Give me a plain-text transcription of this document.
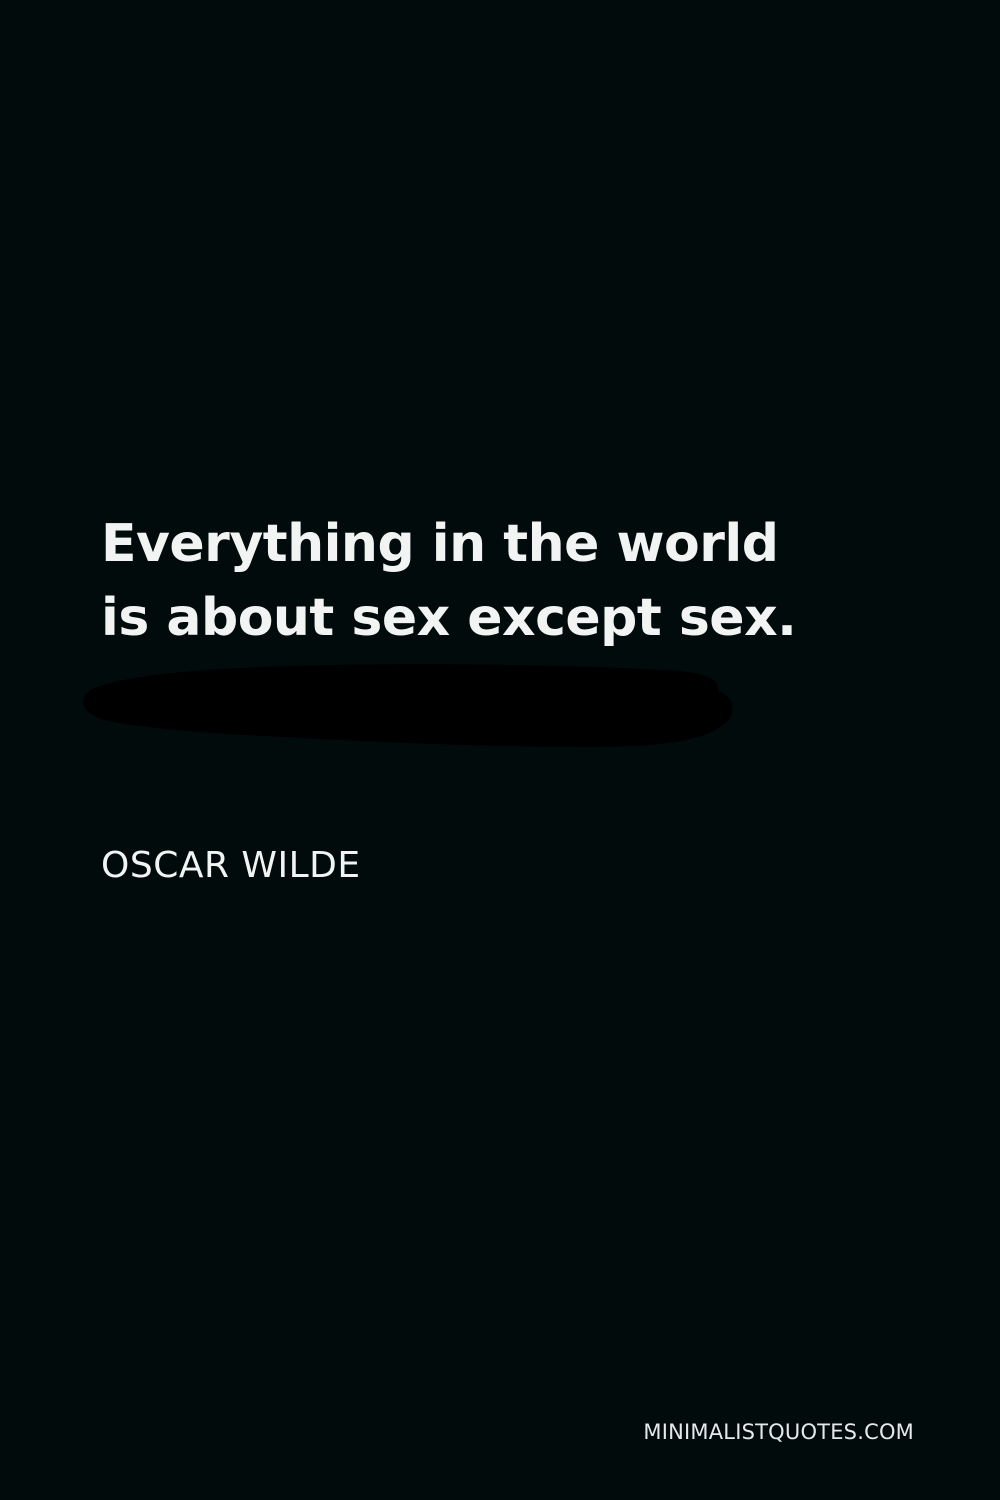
Everything in the world
is about sex except sex.

OSCAR WILDE

MINIMALISTQUOTES.COM
